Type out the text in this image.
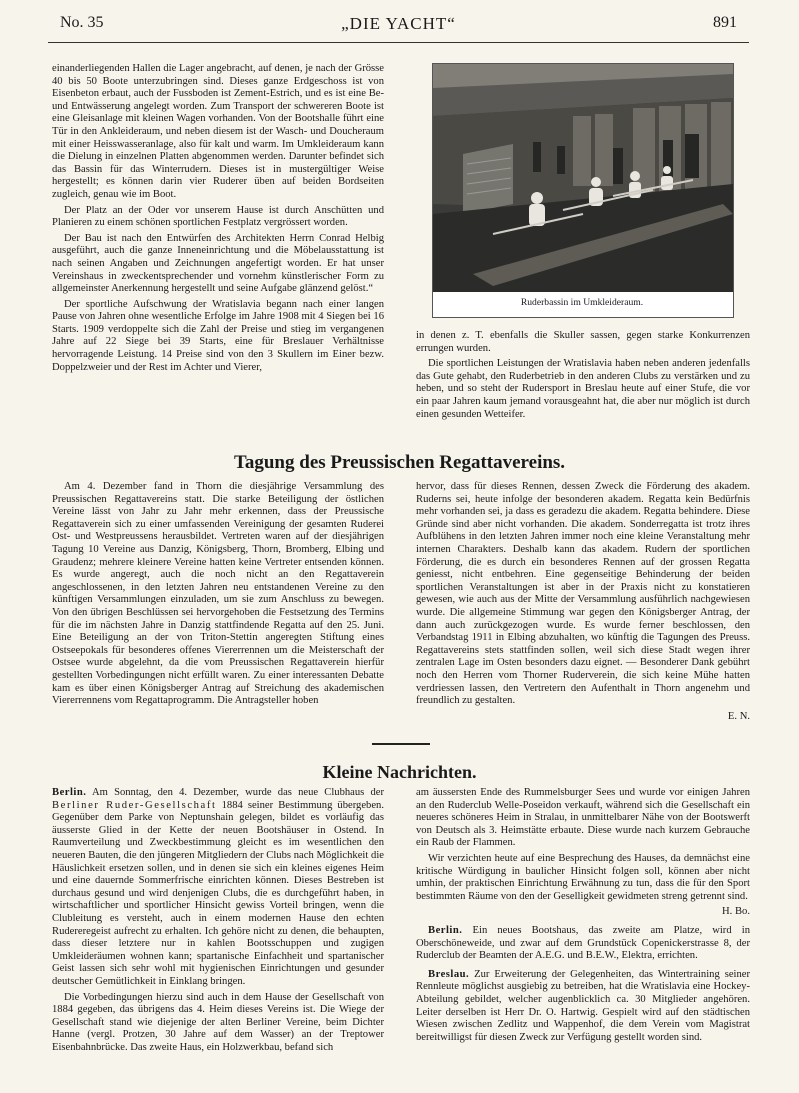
No. 35	„DIE YACHT“	891

einanderliegenden Hallen die Lager angebracht, auf denen, je nach der Grösse 40 bis 50 Boote unterzubringen sind. Dieses ganze Erdgeschoss ist von Eisenbeton erbaut, auch der Fussboden ist Zement-Estrich, und es ist eine Be- und Entwässerung angelegt worden. Zum Transport der schwereren Boote ist eine Gleisanlage mit kleinen Wagen vorhanden. Von der Bootshalle führt eine Tür in den Ankleideraum, und neben diesem ist der Wasch- und Doucheraum mit einer Heisswasseranlage, also für kalt und warm. Im Umkleideraum kann die Dielung in einzelnen Platten abgenommen werden. Darunter befindet sich das Bassin für das Winterrudern. Dieses ist in mustergültiger Weise hergestellt; es können darin vier Ruderer üben auf beiden Bordseiten zugleich, genau wie im Boot.

Der Platz an der Oder vor unserem Hause ist durch Anschütten und Planieren zu einem schönen sportlichen Festplatz vergrössert worden.

Der Bau ist nach den Entwürfen des Architekten Herrn Conrad Helbig ausgeführt, auch die ganze Inneneinrichtung und die Möbelausstattung ist nach seinen Angaben und Zeichnungen angefertigt worden. Er hat unser Vereinshaus in zweckentsprechender und vornehm künstlerischer Form zu allgemeinster Anerkennung hergestellt und seine Aufgabe glänzend gelöst.“

Der sportliche Aufschwung der Wratislavia begann nach einer langen Pause von Jahren ohne wesentliche Erfolge im Jahre 1908 mit 4 Siegen bei 16 Starts. 1909 verdoppelte sich die Zahl der Preise und stieg im vergangenen Jahre auf 22 Siege bei 39 Starts, eine für Breslauer Verhältnisse hervorragende Leistung. 14 Preise sind von den 3 Skullern im Einer bezw. Doppelzweier und der Rest im Achter und Vierer,

Ruderbassin im Umkleideraum.

in denen z. T. ebenfalls die Skuller sassen, gegen starke Konkurrenzen errungen wurden.

Die sportlichen Leistungen der Wratislavia haben neben anderen jedenfalls das Gute gehabt, den Ruderbetrieb in den anderen Clubs zu verstärken und zu heben, und so steht der Rudersport in Breslau heute auf einer Stufe, die vor ein paar Jahren kaum jemand vorausgeahnt hat, die aber nur möglich ist durch einen gesunden Wetteifer.

Tagung des Preussischen Regattavereins.

Am 4. Dezember fand in Thorn die diesjährige Versammlung des Preussischen Regattavereins statt. Die starke Beteiligung der östlichen Vereine lässt von Jahr zu Jahr mehr erkennen, dass der Preussische Regattaverein sich zu einer umfassenden Vereinigung der gesamten Ruderei Ost- und Westpreussens herausbildet. Vertreten waren auf der diesjährigen Tagung 10 Vereine aus Danzig, Königsberg, Thorn, Bromberg, Elbing und Graudenz; mehrere kleinere Vereine hatten keine Vertreter entsenden können. Es wurde angeregt, auch die noch nicht an den Regattaverein angeschlossenen, in den letzten Jahren neu entstandenen Vereine zu den künftigen Versammlungen einzuladen, um sie zum Anschluss zu bewegen. Von den übrigen Beschlüssen sei hervorgehoben die Festsetzung des Termins für die im nächsten Jahre in Danzig stattfindende Regatta auf den 25. Juni. Eine Beteiligung an der von Triton-Stettin angeregten Stiftung eines Ostseepokals für besonderes offenes Viererrennen um die Meisterschaft der Ostsee wurde abgelehnt, da die vom Preussischen Regattaverein hierfür gestellten Vorbedingungen nicht erfüllt waren. Zu einer interessanten Debatte kam es über einen Königsberger Antrag auf Streichung des akademischen Viererrennens vom Regattaprogramm. Die Antragsteller hoben

hervor, dass für dieses Rennen, dessen Zweck die Förderung des akadem. Ruderns sei, heute infolge der besonderen akadem. Regatta kein Bedürfnis mehr vorhanden sei, ja dass es geradezu die akadem. Regatta behindere. Diese Gründe sind aber nicht vorhanden. Die akadem. Sonderregatta ist trotz ihres Aufblühens in den letzten Jahren immer noch eine kleine Veranstaltung mehr internen Charakters. Deshalb kann das akadem. Rudern der sportlichen Förderung, die es durch ein besonderes Rennen auf der grossen Regatta geniesst, nicht entbehren. Eine gegenseitige Behinderung der beiden sportlichen Veranstaltungen ist aber in der Praxis nicht zu konstatieren gewesen, wie auch aus der Mitte der Versammlung ausführlich nachgewiesen wurde. Die allgemeine Stimmung war gegen den Königsberger Antrag, der dann auch zurückgezogen wurde. Es wurde ferner beschlossen, den Verbandstag 1911 in Elbing abzuhalten, wo künftig die Tagungen des Preuss. Regattavereins stets stattfinden sollen, weil sich diese Stadt wegen ihrer zentralen Lage im Osten besonders dazu eignet. — Besonderer Dank gebührt noch den Herren vom Thorner Ruderverein, die sich keine Mühe hatten verdriessen lassen, den Vertretern den Aufenthalt in Thorn angenehm und freundlich zu gestalten.

E. N.

Kleine Nachrichten.

Berlin. Am Sonntag, den 4. Dezember, wurde das neue Clubhaus der Berliner Ruder-Gesellschaft 1884 seiner Bestimmung übergeben. Gegenüber dem Parke von Neptunshain gelegen, bildet es vorläufig das äusserste Glied in der Kette der neuen Bootshäuser in Ostend. In Raumverteilung und Zweckbestimmung gleicht es im wesentlichen den neueren Bauten, die den jüngeren Mitgliedern der Clubs nach Möglichkeit die Häuslichkeit ersetzen sollen, und in denen sie sich ein kleines eigenes Heim und eine dauernde Sommerfrische einrichten können. Dieses Bestreben ist durchaus gesund und wird denjenigen Clubs, die es durchgeführt haben, in wirtschaftlicher und sportlicher Hinsicht gewiss Vorteil bringen, wenn die Clubleitung es versteht, auch in einem modernen Hause den echten Rudereregeist aufrecht zu erhalten. Ich gehöre nicht zu denen, die behaupten, dass dieser letztere nur in kahlen Bootsschuppen und zugigen Umkleideräumen wohnen kann; spartanische Einfachheit und spartanischer Geist lassen sich sehr wohl mit hygienischen Einrichtungen und gesunder deutscher Gemütlichkeit in Einklang bringen.

Die Vorbedingungen hierzu sind auch in dem Hause der Gesellschaft von 1884 gegeben, das übrigens das 4. Heim dieses Vereins ist. Die Wiege der Gesellschaft stand wie diejenige der alten Berliner Vereine, beim Dichter Hanne (vergl. Protzen, 30 Jahre auf dem Wasser) an der Treptower Eisenbahnbrücke. Das zweite Haus, ein Holzwerkbau, befand sich

am äussersten Ende des Rummelsburger Sees und wurde vor einigen Jahren an den Ruderclub Welle-Poseidon verkauft, während sich die Gesellschaft ein neueres schöneres Heim in Stralau, in unmittelbarer Nähe von der Bootswerft von Deutsch als 3. Heimstätte erbaute. Diese wurde nach kurzem Gebrauche ein Raub der Flammen.

Wir verzichten heute auf eine Besprechung des Hauses, da demnächst eine kritische Würdigung in baulicher Hinsicht folgen soll, können aber nicht umhin, der praktischen Einrichtung Erwähnung zu tun, dass die für den Sport bestimmten Räume von den der Geselligkeit gewidmeten streng getrennt sind.

H. Bo.

Berlin. Ein neues Bootshaus, das zweite am Platze, wird in Oberschöneweide, und zwar auf dem Grundstück Copenickerstrasse 8, der Ruderclub der Beamten der A.E.G. und B.E.W., Elektra, errichten.

Breslau. Zur Erweiterung der Gelegenheiten, das Wintertraining seiner Rennleute möglichst ausgiebig zu betreiben, hat die Wratislavia eine Hockey-Abteilung gebildet, welcher augenblicklich ca. 30 Mitglieder angehören. Leiter derselben ist Herr Dr. O. Hartwig. Gespielt wird auf den städtischen Wiesen zwischen Zedlitz und Wappenhof, die dem Verein vom Magistrat bereitwilligst für diesen Zweck zur Verfügung gestellt worden sind.
